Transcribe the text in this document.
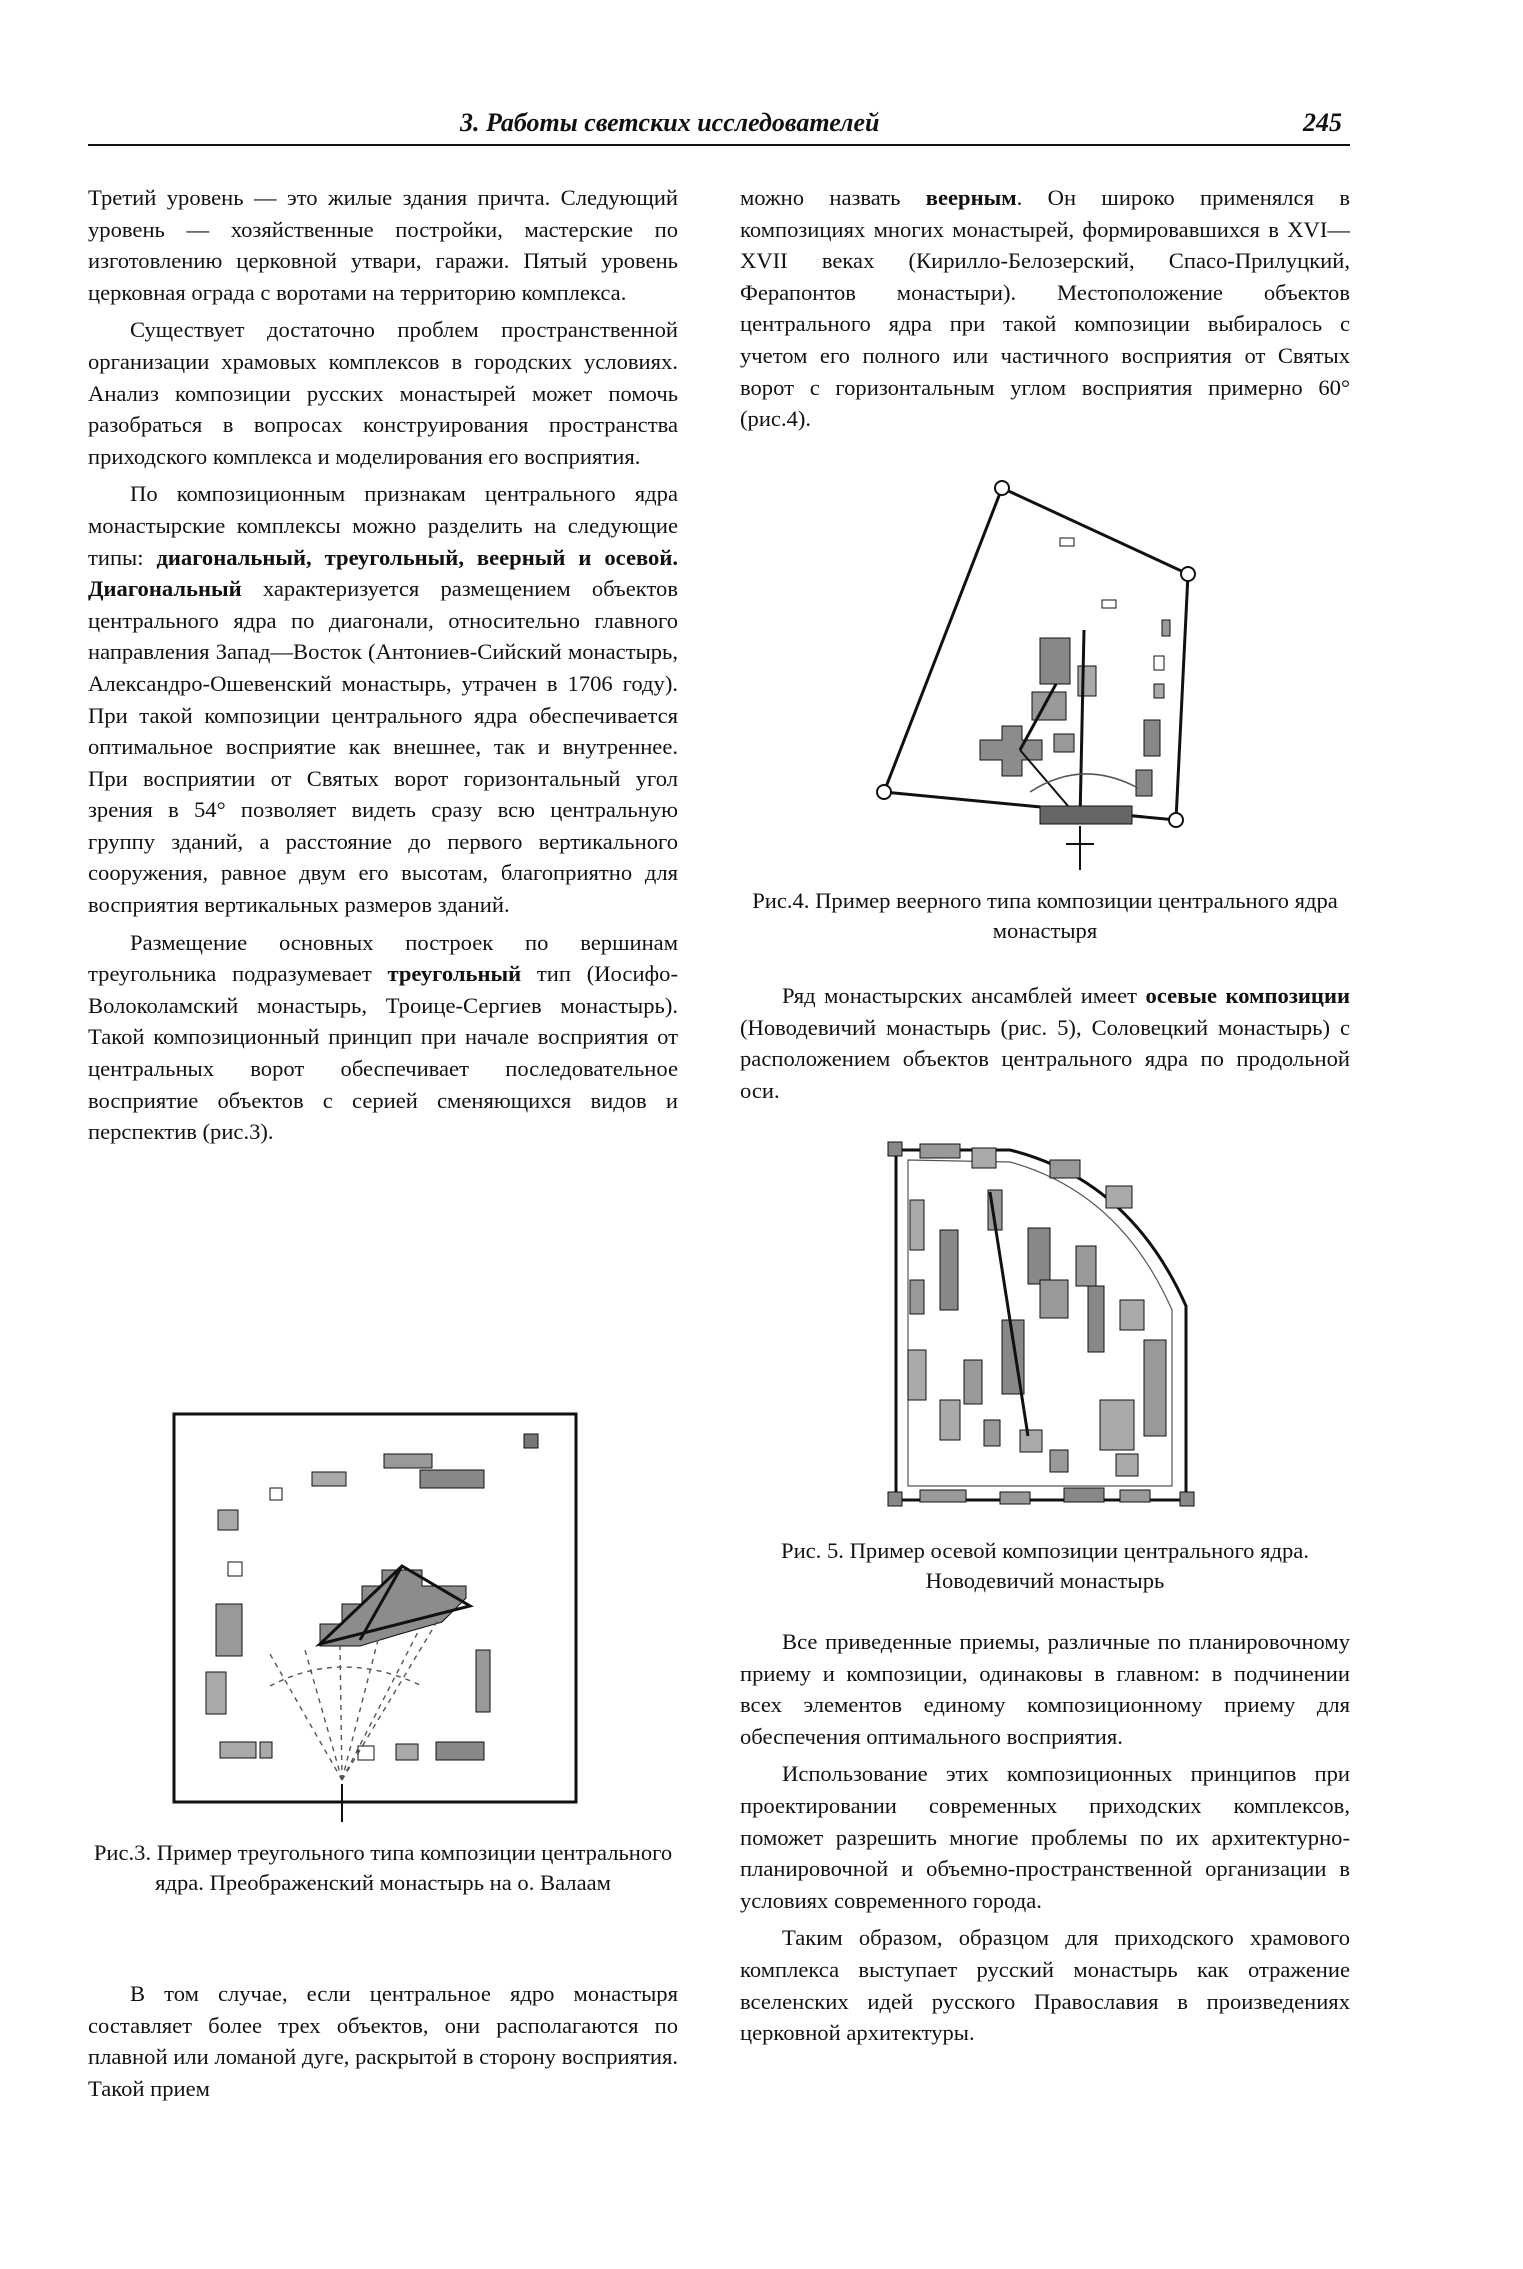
3. Работы светских исследователей	245

Третий уровень — это жилые здания причта. Следующий уровень — хозяйственные постройки, мастерские по изготовлению церковной утвари, гаражи. Пятый уровень церковная ограда с воротами на территорию комплекса.

Существует достаточно проблем пространственной организации храмовых комплексов в городских условиях. Анализ композиции русских монастырей может помочь разобраться в вопросах конструирования пространства приходского комплекса и моделирования его восприятия.

По композиционным признакам центрального ядра монастырские комплексы можно разделить на следующие типы: диагональный, треугольный, веерный и осевой. Диагональный характеризуется размещением объектов центрального ядра по диагонали, относительно главного направления Запад—Восток (Антониев-Сийский монастырь, Александро-Ошевенский монастырь, утрачен в 1706 году). При такой композиции центрального ядра обеспечивается оптимальное восприятие как внешнее, так и внутреннее. При восприятии от Святых ворот горизонтальный угол зрения в 54° позволяет видеть сразу всю центральную группу зданий, а расстояние до первого вертикального сооружения, равное двум его высотам, благоприятно для восприятия вертикальных размеров зданий.

Размещение основных построек по вершинам треугольника подразумевает треугольный тип (Иосифо-Волоколамский монастырь, Троице-Сергиев монастырь). Такой композиционный принцип при начале восприятия от центральных ворот обеспечивает последовательное восприятие объектов с серией сменяющихся видов и перспектив (рис.3).

Рис.3. Пример треугольного типа композиции центрального ядра. Преображенский монастырь на о. Валаам

В том случае, если центральное ядро монастыря составляет более трех объектов, они располагаются по плавной или ломаной дуге, раскрытой в сторону восприятия. Такой прием

можно назвать веерным. Он широко применялся в композициях многих монастырей, формировавшихся в XVI—XVII веках (Кирилло-Белозерский, Спасо-Прилуцкий, Ферапонтов монастыри). Местоположение объектов центрального ядра при такой композиции выбиралось с учетом его полного или частичного восприятия от Святых ворот с горизонтальным углом восприятия примерно 60° (рис.4).

Рис.4. Пример веерного типа композиции центрального ядра монастыря

Ряд монастырских ансамблей имеет осевые композиции (Новодевичий монастырь (рис. 5), Соловецкий монастырь) с расположением объектов центрального ядра по продольной оси.

Рис. 5. Пример осевой композиции центрального ядра. Новодевичий монастырь

Все приведенные приемы, различные по планировочному приему и композиции, одинаковы в главном: в подчинении всех элементов единому композиционному приему для обеспечения оптимального восприятия.

Использование этих композиционных принципов при проектировании современных приходских комплексов, поможет разрешить многие проблемы по их архитектурно-планировочной и объемно-пространственной организации в условиях современного города.

Таким образом, образцом для приходского храмового комплекса выступает русский монастырь как отражение вселенских идей русского Православия в произведениях церковной архитектуры.
